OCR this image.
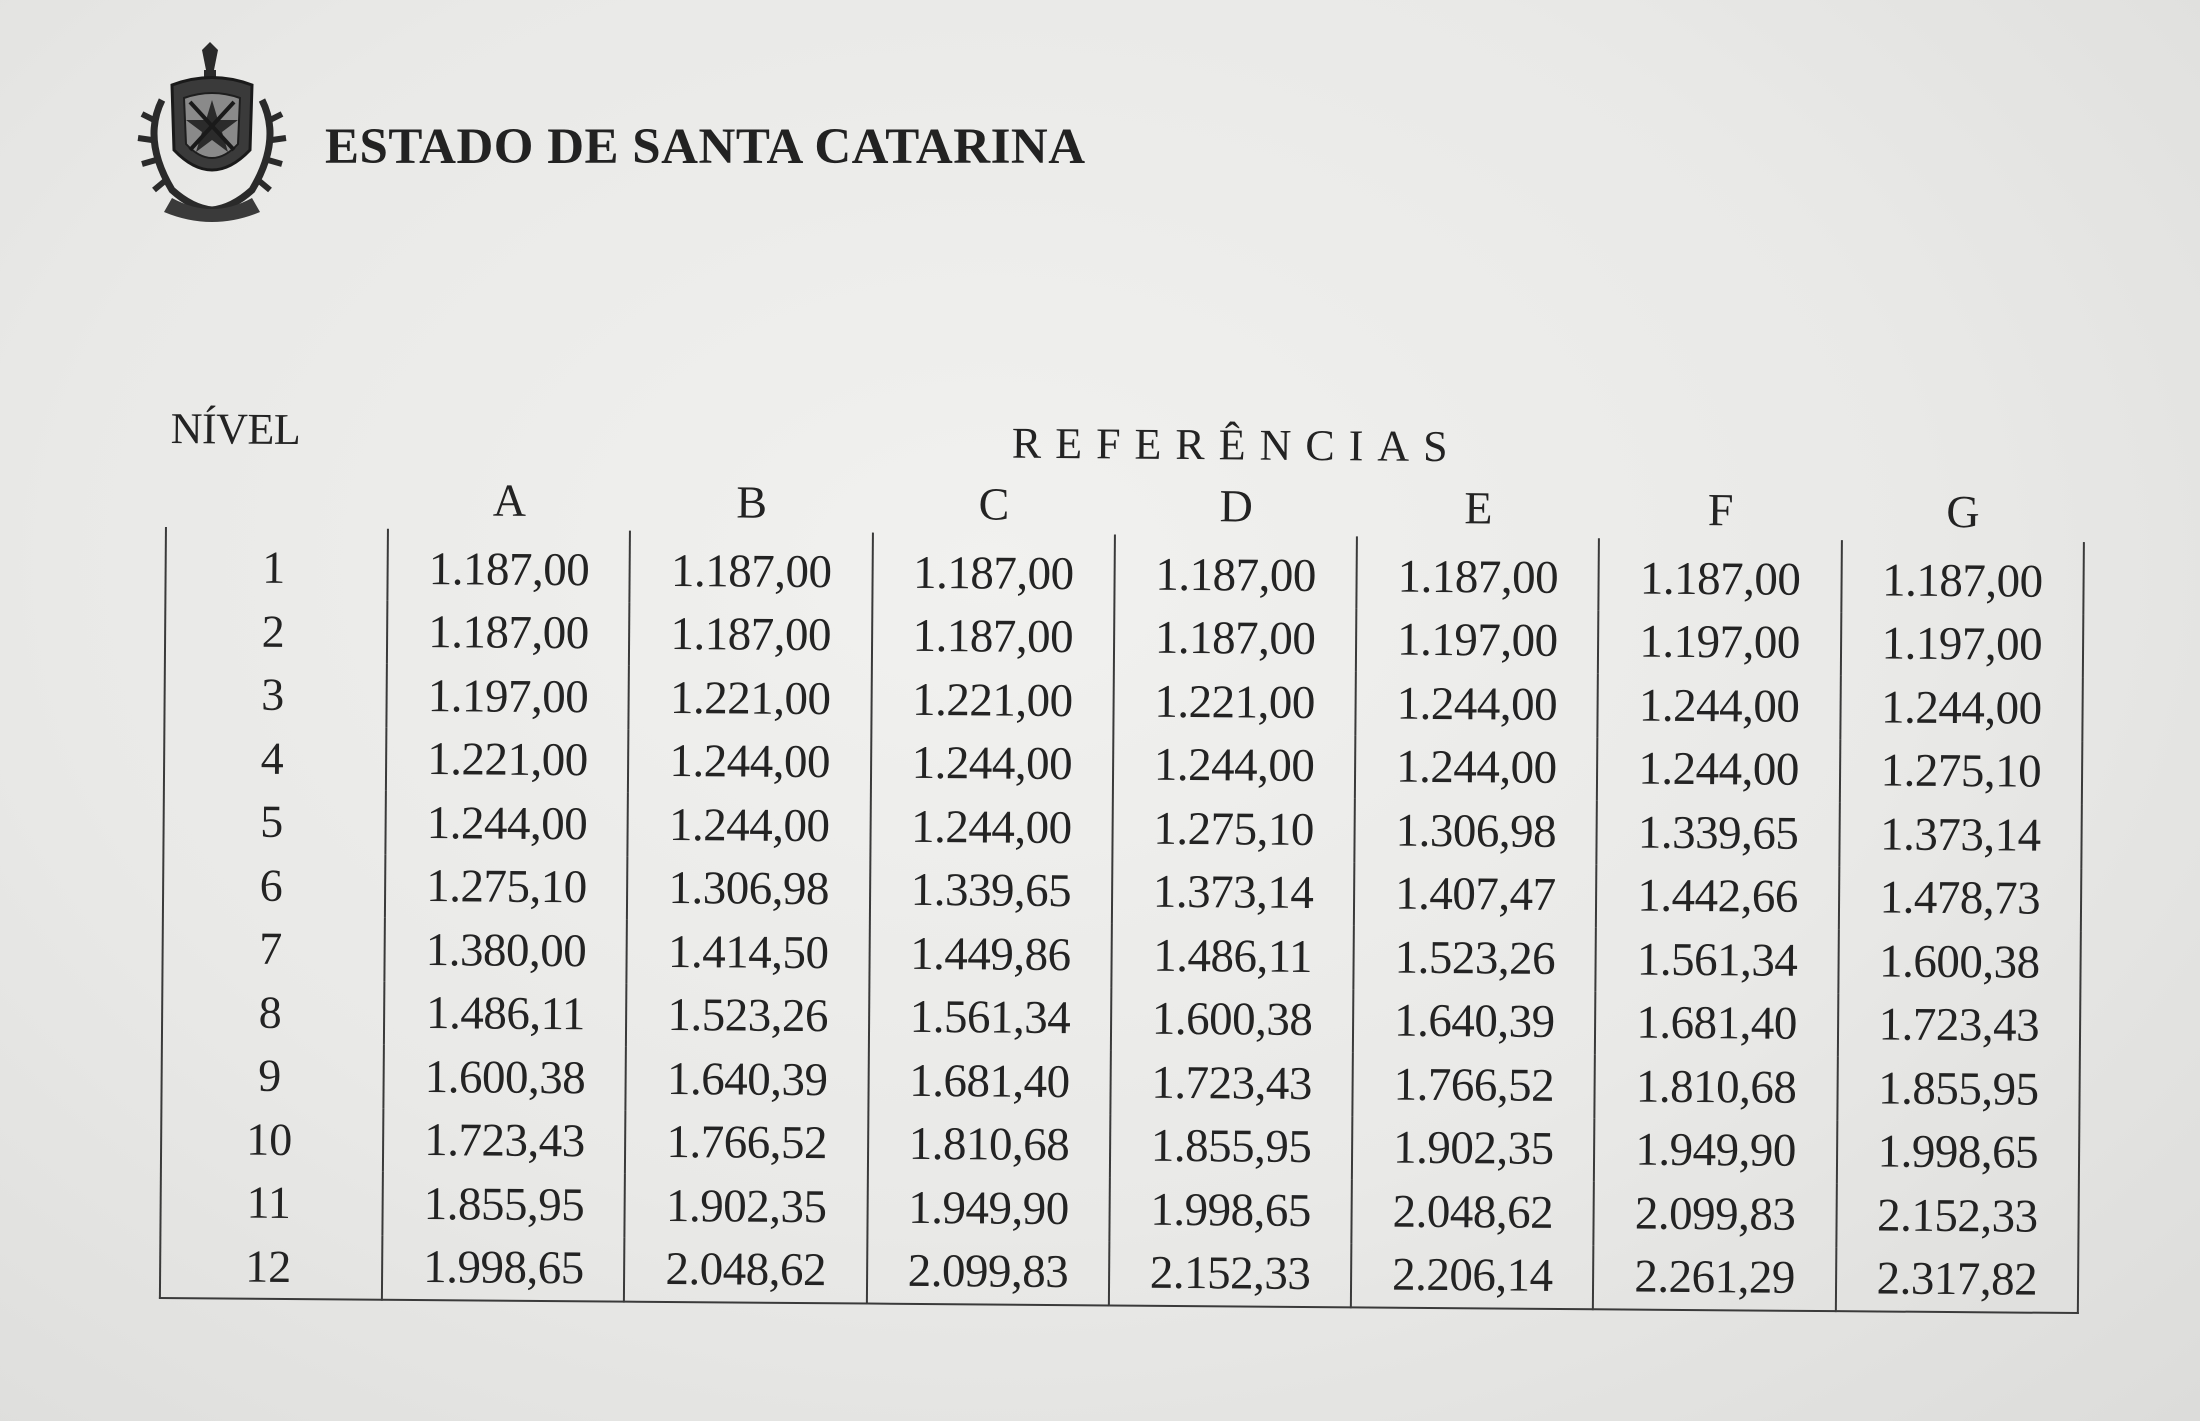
ESTADO DE SANTA CATARINA
NÍVEL	REFERÊNCIAS						
	A	B	C	D	E	F	G
1	1.187,00	1.187,00	1.187,00	1.187,00	1.187,00	1.187,00	1.187,00
2	1.187,00	1.187,00	1.187,00	1.187,00	1.197,00	1.197,00	1.197,00
3	1.197,00	1.221,00	1.221,00	1.221,00	1.244,00	1.244,00	1.244,00
4	1.221,00	1.244,00	1.244,00	1.244,00	1.244,00	1.244,00	1.275,10
5	1.244,00	1.244,00	1.244,00	1.275,10	1.306,98	1.339,65	1.373,14
6	1.275,10	1.306,98	1.339,65	1.373,14	1.407,47	1.442,66	1.478,73
7	1.380,00	1.414,50	1.449,86	1.486,11	1.523,26	1.561,34	1.600,38
8	1.486,11	1.523,26	1.561,34	1.600,38	1.640,39	1.681,40	1.723,43
9	1.600,38	1.640,39	1.681,40	1.723,43	1.766,52	1.810,68	1.855,95
10	1.723,43	1.766,52	1.810,68	1.855,95	1.902,35	1.949,90	1.998,65
11	1.855,95	1.902,35	1.949,90	1.998,65	2.048,62	2.099,83	2.152,33
12	1.998,65	2.048,62	2.099,83	2.152,33	2.206,14	2.261,29	2.317,82
